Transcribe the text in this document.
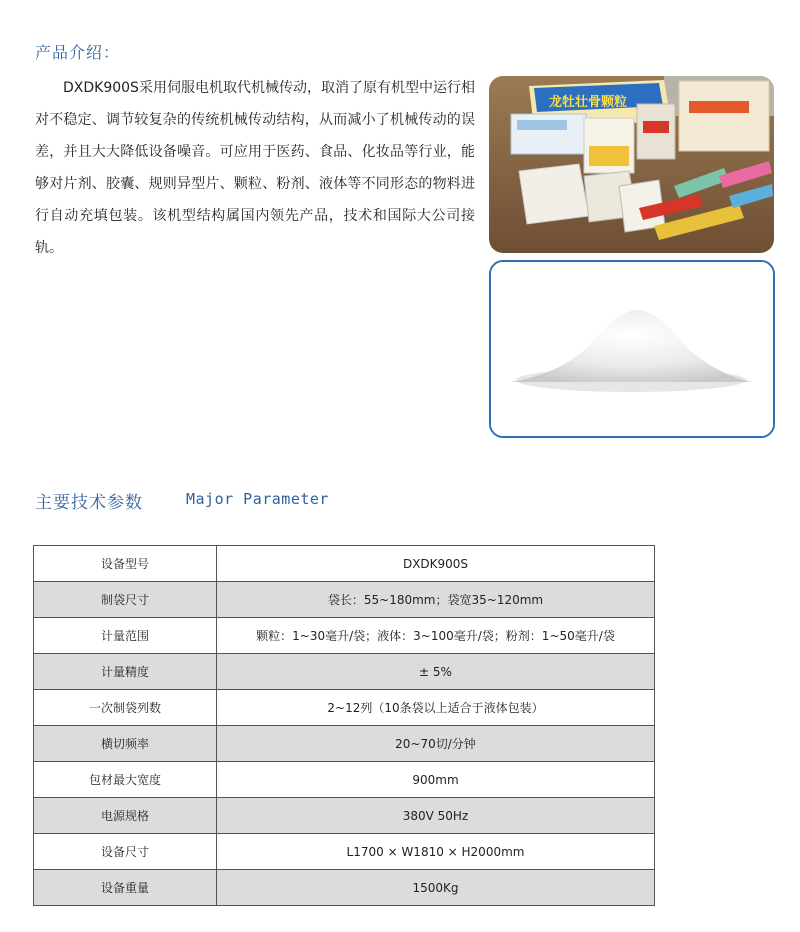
产品介绍：

DXDK900S采用伺服电机取代机械传动，取消了原有机型中运行相对不稳定、调节较复杂的传统机械传动结构，从而减小了机械传动的误差，并且大大降低设备噪音。可应用于医药、食品、化妆品等行业，能够对片剂、胶囊、规则异型片、颗粒、粉剂、液体等不同形态的物料进行自动充填包装。该机型结构属国内领先产品，技术和国际大公司接轨。

龙牡壮骨颗粒
主要技术参数	Major Parameter
设备型号	DXDK900S
制袋尺寸	袋长：55~180mm；袋宽35~120mm
计量范围	颗粒：1~30毫升/袋；液体：3~100毫升/袋；粉剂：1~50毫升/袋
计量精度	± 5%
一次制袋列数	2~12列（10条袋以上适合于液体包装）
横切频率	20~70切/分钟
包材最大宽度	900mm
电源规格	380V 50Hz
设备尺寸	L1700 × W1810 × H2000mm
设备重量	1500Kg
